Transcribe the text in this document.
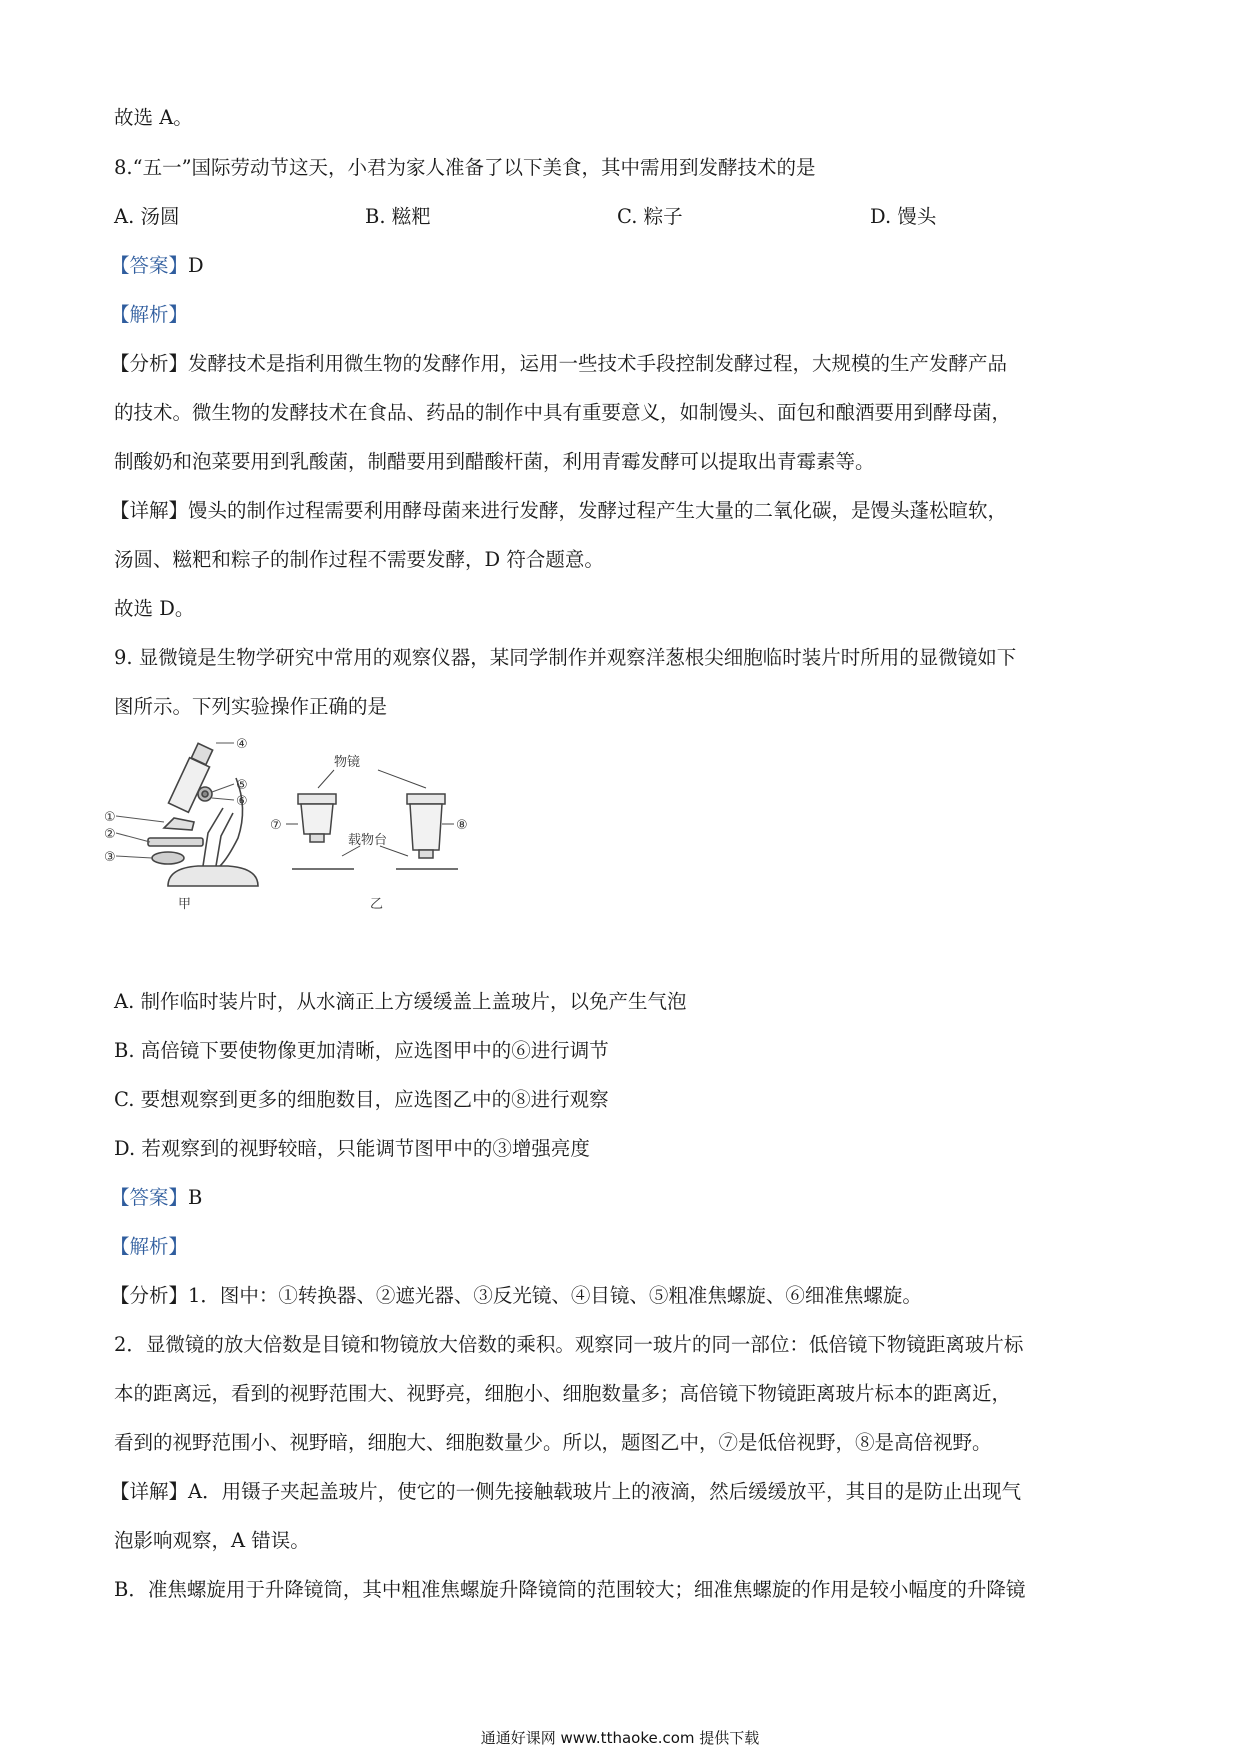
故选 A。
8.“五一”国际劳动节这天，小君为家人准备了以下美食，其中需用到发酵技术的是
A. 汤圆	B. 糍粑	C. 粽子	D. 馒头
【答案】D
【解析】
【分析】发酵技术是指利用微生物的发酵作用，运用一些技术手段控制发酵过程，大规模的生产发酵产品
的技术。微生物的发酵技术在食品、药品的制作中具有重要意义，如制馒头、面包和酿酒要用到酵母菌，
制酸奶和泡菜要用到乳酸菌，制醋要用到醋酸杆菌，利用青霉发酵可以提取出青霉素等。
【详解】馒头的制作过程需要利用酵母菌来进行发酵，发酵过程产生大量的二氧化碳，是馒头蓬松暄软，
汤圆、糍粑和粽子的制作过程不需要发酵，D 符合题意。
故选 D。
9. 显微镜是生物学研究中常用的观察仪器，某同学制作并观察洋葱根尖细胞临时装片时所用的显微镜如下
图所示。下列实验操作正确的是
④
①
②
③
⑤
⑥
甲
物镜
载物台
⑦	⑧
乙
A. 制作临时装片时，从水滴正上方缓缓盖上盖玻片，以免产生气泡
B. 高倍镜下要使物像更加清晰，应选图甲中的⑥进行调节
C. 要想观察到更多的细胞数目，应选图乙中的⑧进行观察
D. 若观察到的视野较暗，只能调节图甲中的③增强亮度
【答案】B
【解析】
【分析】1．图中：①转换器、②遮光器、③反光镜、④目镜、⑤粗准焦螺旋、⑥细准焦螺旋。
2．显微镜的放大倍数是目镜和物镜放大倍数的乘积。观察同一玻片的同一部位：低倍镜下物镜距离玻片标
本的距离远，看到的视野范围大、视野亮，细胞小、细胞数量多；高倍镜下物镜距离玻片标本的距离近，
看到的视野范围小、视野暗，细胞大、细胞数量少。所以，题图乙中，⑦是低倍视野，⑧是高倍视野。
【详解】A．用镊子夹起盖玻片，使它的一侧先接触载玻片上的液滴，然后缓缓放平，其目的是防止出现气
泡影响观察，A 错误。
B．准焦螺旋用于升降镜筒，其中粗准焦螺旋升降镜筒的范围较大；细准焦螺旋的作用是较小幅度的升降镜
通通好课网 www.tthaoke.com 提供下载
